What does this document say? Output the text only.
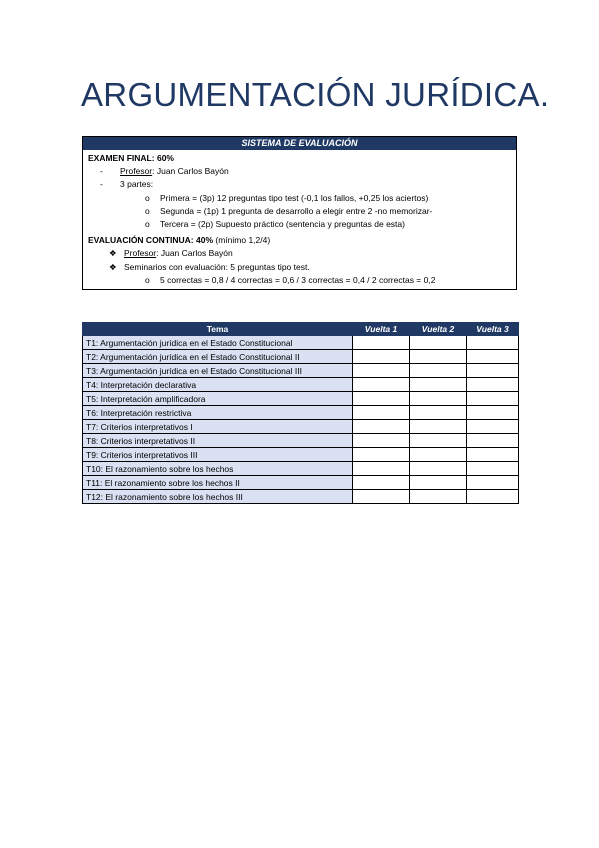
ARGUMENTACIÓN JURÍDICA.
SISTEMA DE EVALUACIÓN
EXAMEN FINAL: 60%
- Profesor: Juan Carlos Bayón
- 3 partes:
o Primera = (3p) 12 preguntas tipo test (-0,1 los fallos, +0,25 los aciertos)
o Segunda = (1p) 1 pregunta de desarrollo a elegir entre 2 -no memorizar-
o Tercera = (2p) Supuesto práctico (sentencia y preguntas de esta)
EVALUACIÓN CONTINUA: 40% (mínimo 1,2/4)
❖ Profesor: Juan Carlos Bayón
❖ Seminarios con evaluación: 5 preguntas tipo test.
o 5 correctas = 0,8 / 4 correctas = 0,6 / 3 correctas = 0,4 / 2 correctas = 0,2
Tema	Vuelta 1	Vuelta 2	Vuelta 3
T1: Argumentación jurídica en el Estado Constitucional			
T2: Argumentación jurídica en el Estado Constitucional II			
T3: Argumentación jurídica en el Estado Constitucional III			
T4: Interpretación declarativa			
T5: Interpretación amplificadora			
T6: Interpretación restrictiva			
T7: Criterios interpretativos I			
T8: Criterios interpretativos II			
T9: Criterios interpretativos III			
T10: El razonamiento sobre los hechos			
T11: El razonamiento sobre los hechos II			
T12: El razonamiento sobre los hechos III			
